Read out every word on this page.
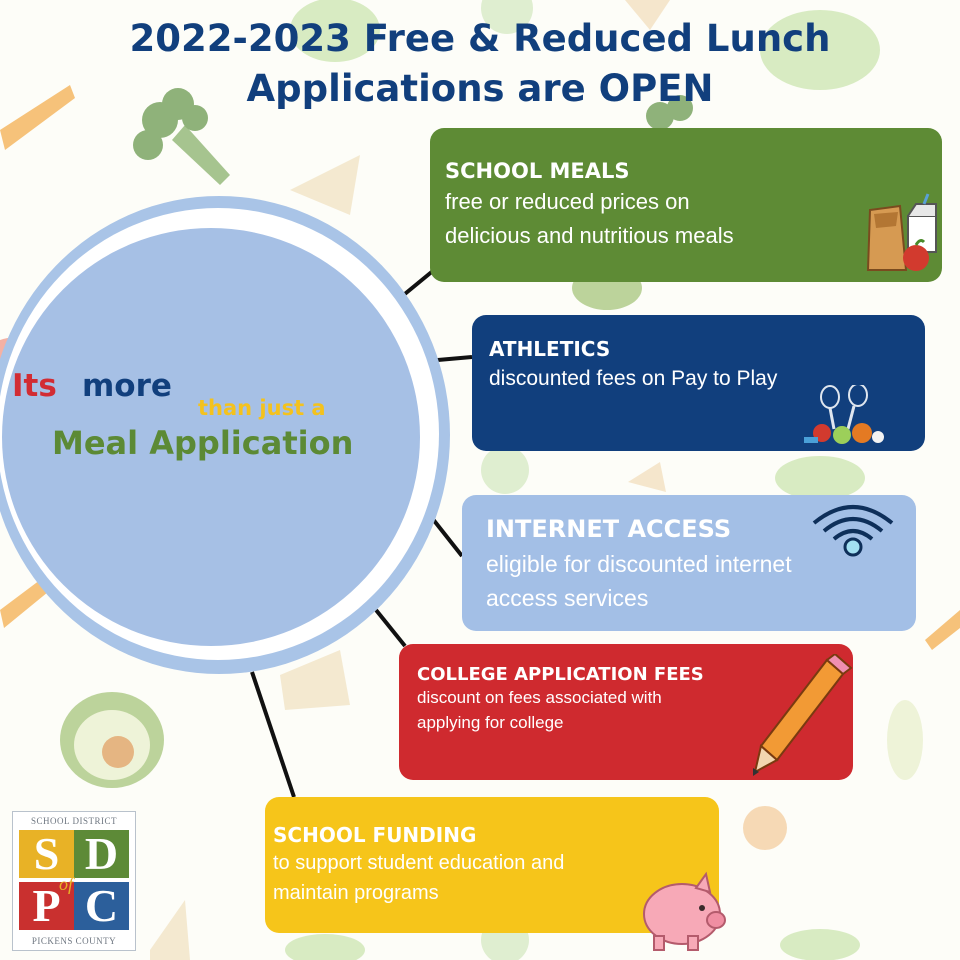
2022-2023 Free & Reduced Lunch
Applications are OPEN
Its more
than just a
Meal Application
SCHOOL MEALS
free or reduced prices on
delicious and nutritious meals
ATHLETICS
discounted fees on Pay to Play
INTERNET ACCESS
eligible for discounted internet
access services
COLLEGE APPLICATION FEES
discount on fees associated with
applying for college
SCHOOL FUNDING
to support student education and
maintain programs
SCHOOL DISTRICT
S D
P C
of
PICKENS COUNTY
